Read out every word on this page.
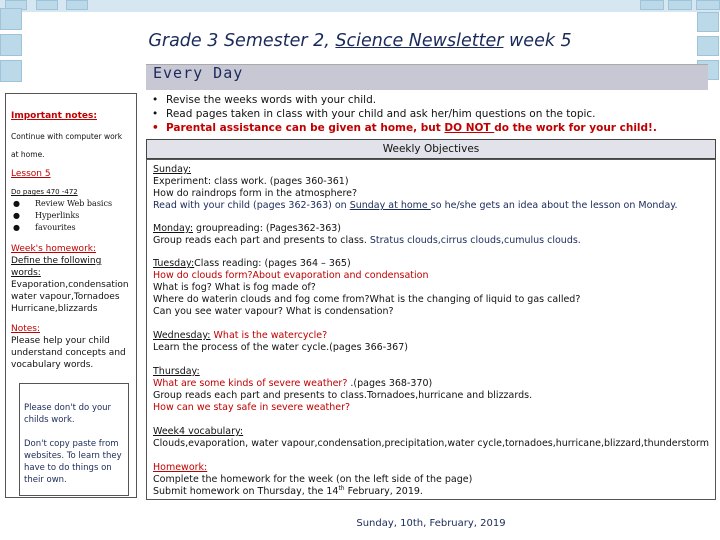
Grade 3 Semester 2, Science Newsletter week 5
Every Day
• Revise the weeks words with your child.
• Read pages taken in class with your child and ask her/him questions on the topic.
• Parental assistance can be given at home, but DO NOT do the work for your child!.

Important notes:

Continue with computer work at home.

Lesson 5

Do pages 470 -472

● Review Web basics

● Hyperlinks

● favourites

Week's homework:

Define the following words:

Evaporation,condensation water vapour,Tornadoes Hurricane,blizzards

Notes:

Please help your child understand concepts and vocabulary words.

Please don't do your childs work.

Don't copy paste from websites. To learn they have to do things on their own.

Weekly Objectives
Sunday:
Experiment: class work. (pages 360-361)
How do raindrops form in the atmosphere?
Read with your child (pages 362-363) on Sunday at home so he/she gets an idea about the lesson on Monday.
Monday: groupreading: (Pages362-363)
Group reads each part and presents to class. Stratus clouds,cirrus clouds,cumulus clouds.
Tuesday:Class reading: (pages 364 – 365)
How do clouds form?About evaporation and condensation
What is fog? What is fog made of?
Where do waterin clouds and fog come from?What is the changing of liquid to gas called?
Can you see water vapour? What is condensation?
Wednesday: What is the watercycle?
Learn the process of the water cycle.(pages 366-367)
Thursday:
What are some kinds of severe weather? .(pages 368-370)
Group reads each part and presents to class.Tornadoes,hurricane and blizzards.
How can we stay safe in severe weather?
Week4 vocabulary:
Clouds,evaporation, water vapour,condensation,precipitation,water cycle,tornadoes,hurricane,blizzard,thunderstorm
Homework:
Complete the homework for the week (on the left side of the page)
Submit homework on Thursday, the 14th February, 2019.
Sunday, 10th, February, 2019
